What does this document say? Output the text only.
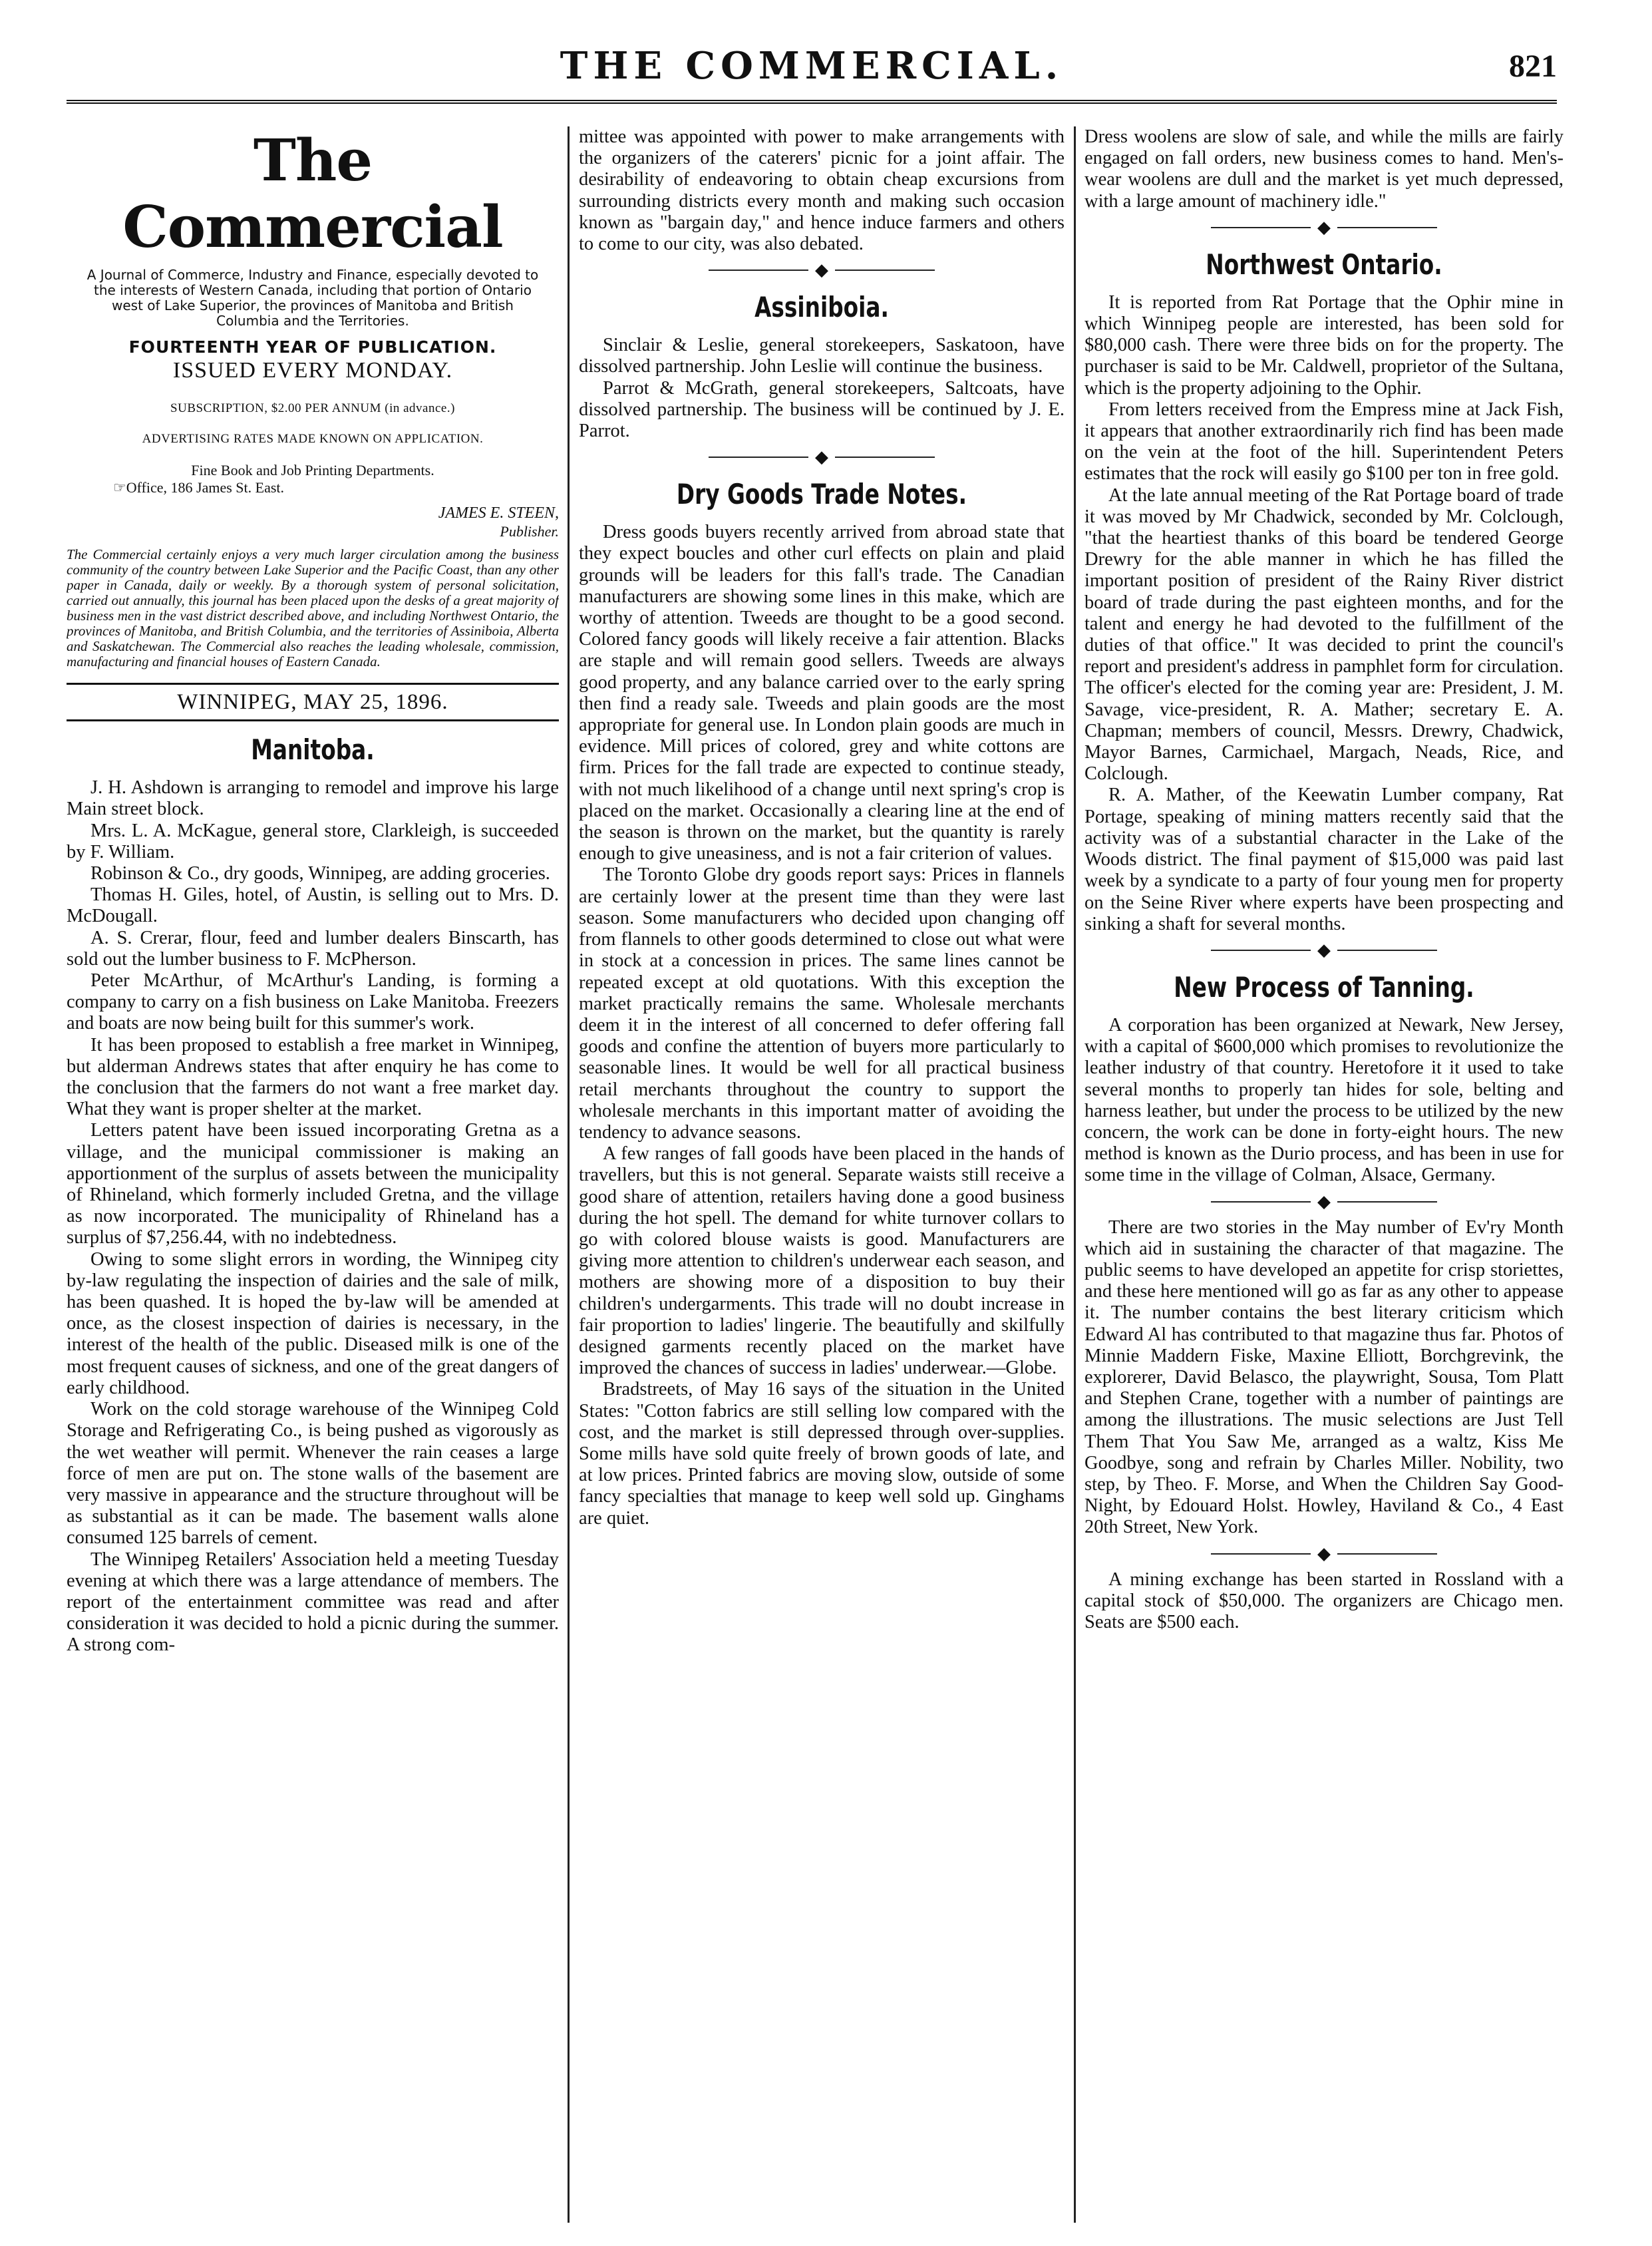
THE COMMERCIAL.	821
The Commercial
A Journal of Commerce, Industry and Finance, especially devoted to the interests of Western Canada, including that portion of Ontario west of Lake Superior, the provinces of Manitoba and British Columbia and the Territories.
FOURTEENTH YEAR OF PUBLICATION.
ISSUED EVERY MONDAY.
SUBSCRIPTION, $2.00 PER ANNUM (in advance.)
ADVERTISING RATES MADE KNOWN ON APPLICATION.
Fine Book and Job Printing Departments.
☞Office, 186 James St. East.
JAMES E. STEEN,
Publisher.
The Commercial certainly enjoys a very much larger circulation among the business community of the country between Lake Superior and the Pacific Coast, than any other paper in Canada, daily or weekly. By a thorough system of personal solicitation, carried out annually, this journal has been placed upon the desks of a great majority of business men in the vast district described above, and including Northwest Ontario, the provinces of Manitoba, and British Columbia, and the territories of Assiniboia, Alberta and Saskatchewan. The Commercial also reaches the leading wholesale, commission, manufacturing and financial houses of Eastern Canada.
WINNIPEG, MAY 25, 1896.
Manitoba.

J. H. Ashdown is arranging to remodel and improve his large Main street block.

Mrs. L. A. McKague, general store, Clarkleigh, is succeeded by F. William.

Robinson & Co., dry goods, Winnipeg, are adding groceries.

Thomas H. Giles, hotel, of Austin, is selling out to Mrs. D. McDougall.

A. S. Crerar, flour, feed and lumber dealers Binscarth, has sold out the lumber business to F. McPherson.

Peter McArthur, of McArthur's Landing, is forming a company to carry on a fish business on Lake Manitoba. Freezers and boats are now being built for this summer's work.

It has been proposed to establish a free market in Winnipeg, but alderman Andrews states that after enquiry he has come to the conclusion that the farmers do not want a free market day. What they want is proper shelter at the market.

Letters patent have been issued incorporating Gretna as a village, and the municipal commissioner is making an apportionment of the surplus of assets between the municipality of Rhineland, which formerly included Gretna, and the village as now incorporated. The municipality of Rhineland has a surplus of $7,256.44, with no indebtedness.

Owing to some slight errors in wording, the Winnipeg city by-law regulating the inspection of dairies and the sale of milk, has been quashed. It is hoped the by-law will be amended at once, as the closest inspection of dairies is necessary, in the interest of the health of the public. Diseased milk is one of the most frequent causes of sickness, and one of the great dangers of early childhood.

Work on the cold storage warehouse of the Winnipeg Cold Storage and Refrigerating Co., is being pushed as vigorously as the wet weather will permit. Whenever the rain ceases a large force of men are put on. The stone walls of the basement are very massive in appearance and the structure throughout will be as substantial as it can be made. The basement walls alone consumed 125 barrels of cement.

The Winnipeg Retailers' Association held a meeting Tuesday evening at which there was a large attendance of members. The report of the entertainment committee was read and after consideration it was decided to hold a picnic during the summer. A strong com-

mittee was appointed with power to make arrangements with the organizers of the caterers' picnic for a joint affair. The desirability of endeavoring to obtain cheap excursions from surrounding districts every month and making such occasion known as "bargain day," and hence induce farmers and others to come to our city, was also debated.

◆
Assiniboia.

Sinclair & Leslie, general storekeepers, Saskatoon, have dissolved partnership. John Leslie will continue the business.

Parrot & McGrath, general storekeepers, Saltcoats, have dissolved partnership. The business will be continued by J. E. Parrot.

◆
Dry Goods Trade Notes.

Dress goods buyers recently arrived from abroad state that they expect boucles and other curl effects on plain and plaid grounds will be leaders for this fall's trade. The Canadian manufacturers are showing some lines in this make, which are worthy of attention. Tweeds are thought to be a good second. Colored fancy goods will likely receive a fair attention. Blacks are staple and will remain good sellers. Tweeds are always good property, and any balance carried over to the early spring then find a ready sale. Tweeds and plain goods are the most appropriate for general use. In London plain goods are much in evidence. Mill prices of colored, grey and white cottons are firm. Prices for the fall trade are expected to continue steady, with not much likelihood of a change until next spring's crop is placed on the market. Occasionally a clearing line at the end of the season is thrown on the market, but the quantity is rarely enough to give uneasiness, and is not a fair criterion of values.

The Toronto Globe dry goods report says: Prices in flannels are certainly lower at the present time than they were last season. Some manufacturers who decided upon changing off from flannels to other goods determined to close out what were in stock at a concession in prices. The same lines cannot be repeated except at old quotations. With this exception the market practically remains the same. Wholesale merchants deem it in the interest of all concerned to defer offering fall goods and confine the attention of buyers more particularly to seasonable lines. It would be well for all practical business retail merchants throughout the country to support the wholesale merchants in this important matter of avoiding the tendency to advance seasons.

A few ranges of fall goods have been placed in the hands of travellers, but this is not general. Separate waists still receive a good share of attention, retailers having done a good business during the hot spell. The demand for white turnover collars to go with colored blouse waists is good. Manufacturers are giving more attention to children's underwear each season, and mothers are showing more of a disposition to buy their children's undergarments. This trade will no doubt increase in fair proportion to ladies' lingerie. The beautifully and skilfully designed garments recently placed on the market have improved the chances of success in ladies' underwear.—Globe.

Bradstreets, of May 16 says of the situation in the United States: "Cotton fabrics are still selling low compared with the cost, and the market is still depressed through over-supplies. Some mills have sold quite freely of brown goods of late, and at low prices. Printed fabrics are moving slow, outside of some fancy specialties that manage to keep well sold up. Ginghams are quiet.

Dress woolens are slow of sale, and while the mills are fairly engaged on fall orders, new business comes to hand. Men's-wear woolens are dull and the market is yet much depressed, with a large amount of machinery idle."

◆
Northwest Ontario.

It is reported from Rat Portage that the Ophir mine in which Winnipeg people are interested, has been sold for $80,000 cash. There were three bids on for the property. The purchaser is said to be Mr. Caldwell, proprietor of the Sultana, which is the property adjoining to the Ophir.

From letters received from the Empress mine at Jack Fish, it appears that another extraordinarily rich find has been made on the vein at the foot of the hill. Superintendent Peters estimates that the rock will easily go $100 per ton in free gold.

At the late annual meeting of the Rat Portage board of trade it was moved by Mr Chadwick, seconded by Mr. Colclough, "that the heartiest thanks of this board be tendered George Drewry for the able manner in which he has filled the important position of president of the Rainy River district board of trade during the past eighteen months, and for the talent and energy he had devoted to the fulfillment of the duties of that office." It was decided to print the council's report and president's address in pamphlet form for circulation. The officer's elected for the coming year are: President, J. M. Savage, vice-president, R. A. Mather; secretary E. A. Chapman; members of council, Messrs. Drewry, Chadwick, Mayor Barnes, Carmichael, Margach, Neads, Rice, and Colclough.

R. A. Mather, of the Keewatin Lumber company, Rat Portage, speaking of mining matters recently said that the activity was of a substantial character in the Lake of the Woods district. The final payment of $15,000 was paid last week by a syndicate to a party of four young men for property on the Seine River where experts have been prospecting and sinking a shaft for several months.

◆
New Process of Tanning.

A corporation has been organized at Newark, New Jersey, with a capital of $600,000 which promises to revolutionize the leather industry of that country. Heretofore it it used to take several months to properly tan hides for sole, belting and harness leather, but under the process to be utilized by the new concern, the work can be done in forty-eight hours. The new method is known as the Durio process, and has been in use for some time in the village of Colman, Alsace, Germany.

◆

There are two stories in the May number of Ev'ry Month which aid in sustaining the character of that magazine. The public seems to have developed an appetite for crisp storiettes, and these here mentioned will go as far as any other to appease it. The number contains the best literary criticism which Edward Al has contributed to that magazine thus far. Photos of Minnie Maddern Fiske, Maxine Elliott, Borchgrevink, the explorerer, David Belasco, the playwright, Sousa, Tom Platt and Stephen Crane, together with a number of paintings are among the illustrations. The music selections are Just Tell Them That You Saw Me, arranged as a waltz, Kiss Me Goodbye, song and refrain by Charles Miller. Nobility, two step, by Theo. F. Morse, and When the Children Say Good-Night, by Edouard Holst. Howley, Haviland & Co., 4 East 20th Street, New York.

◆

A mining exchange has been started in Rossland with a capital stock of $50,000. The organizers are Chicago men. Seats are $500 each.
